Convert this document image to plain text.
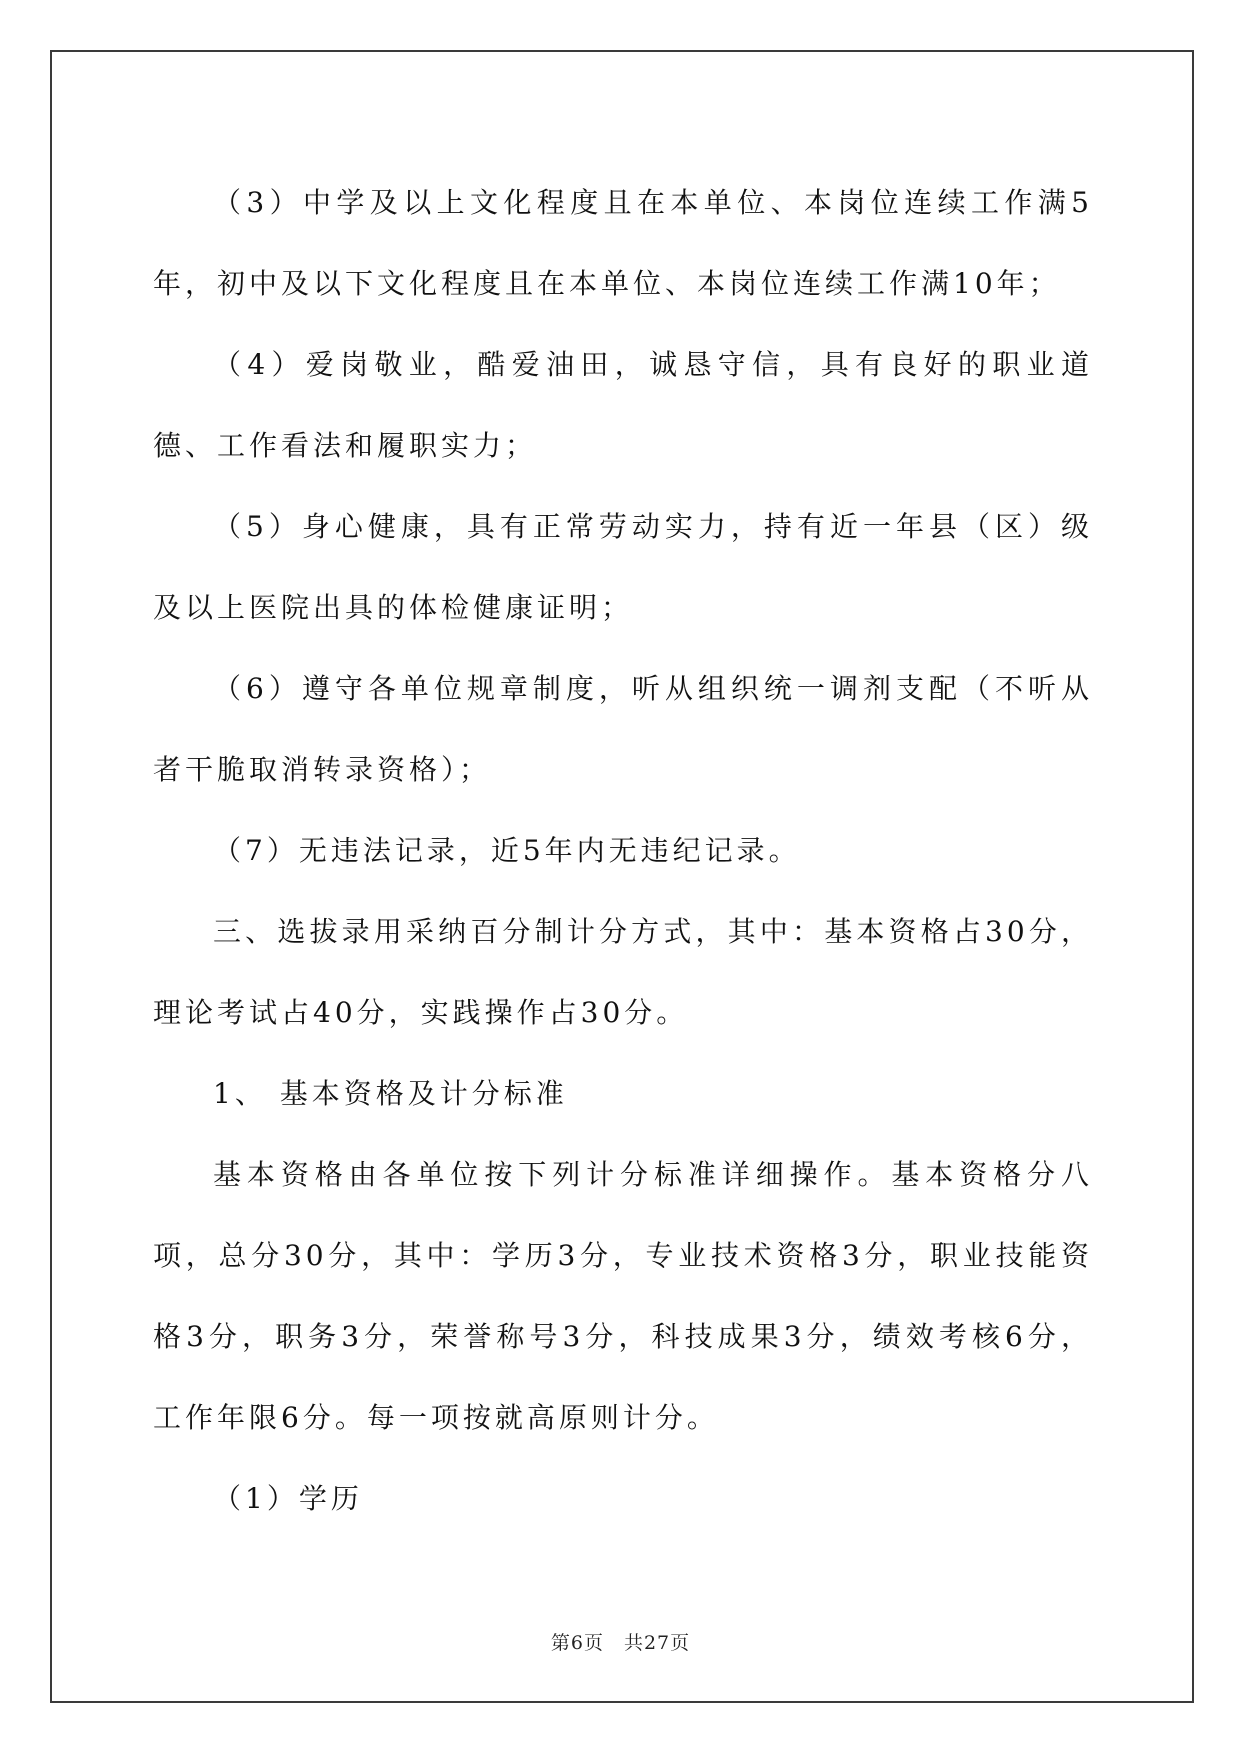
（3）中学及以上文化程度且在本单位、本岗位连续工作满5年，初中及以下文化程度且在本单位、本岗位连续工作满10年；

（4）爱岗敬业，酷爱油田，诚恳守信，具有良好的职业道德、工作看法和履职实力；

（5）身心健康，具有正常劳动实力，持有近一年县（区）级及以上医院出具的体检健康证明；

（6）遵守各单位规章制度，听从组织统一调剂支配（不听从者干脆取消转录资格）；

（7）无违法记录，近5年内无违纪记录。

三、选拔录用采纳百分制计分方式，其中：基本资格占30分，理论考试占40分，实践操作占30分。

1、 基本资格及计分标准

基本资格由各单位按下列计分标准详细操作。基本资格分八项，总分30分，其中：学历3分，专业技术资格3分，职业技能资格3分，职务3分，荣誉称号3分，科技成果3分，绩效考核6分，工作年限6分。每一项按就高原则计分。

（1）学历

第6页　共27页
